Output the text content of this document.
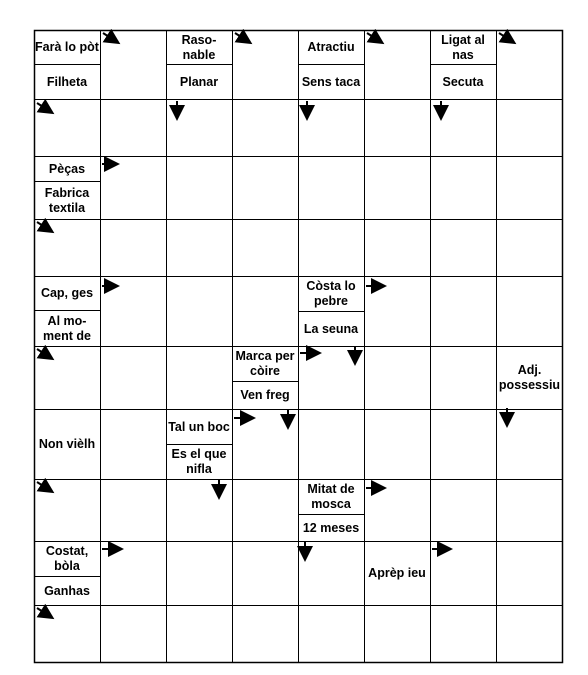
Farà lo pòt
Filheta
Raso-nable
Planar
Atractiu
Sens taca
Ligat al nas
Secuta
Pèças
Fabrica textila
Cap, ges
Al mo-ment de
Còsta lo pebre
La seuna
Marca per còire
Ven freg
Adj. possessiu
Non vièlh
Tal un boc
Es el que nifla
Mitat de mosca
12 meses
Costat, bòla
Ganhas
Aprèp ieu
